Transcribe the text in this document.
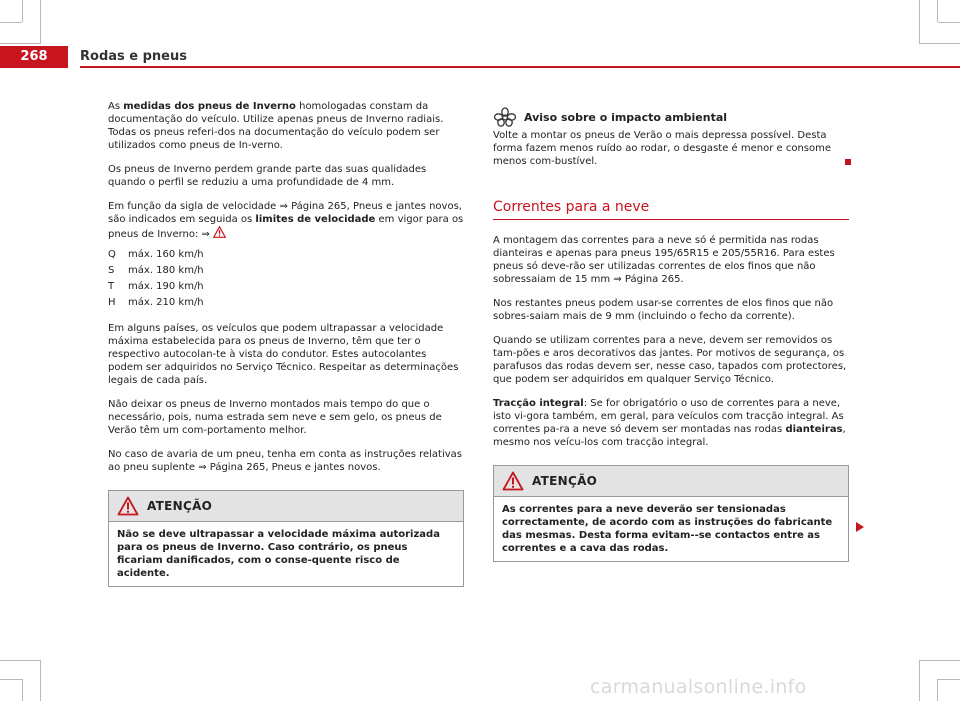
268	Rodas e pneus

As medidas dos pneus de Inverno homologadas constam da documentação do veículo. Utilize apenas pneus de Inverno radiais. Todas os pneus referi-dos na documentação do veículo podem ser utilizados como pneus de In-verno.

Os pneus de Inverno perdem grande parte das suas qualidades quando o perfil se reduziu a uma profundidade de 4 mm.

Em função da sigla de velocidade ⇒ Página 265, Pneus e jantes novos, são indicados em seguida os limites de velocidade em vigor para os pneus de Inverno: ⇒

Q	máx. 160 km/h
S	máx. 180 km/h
T	máx. 190 km/h
H	máx. 210 km/h

Em alguns países, os veículos que podem ultrapassar a velocidade máxima estabelecida para os pneus de Inverno, têm que ter o respectivo autocolan-te à vista do condutor. Estes autocolantes podem ser adquiridos no Serviço Técnico. Respeitar as determinações legais de cada país.

Não deixar os pneus de Inverno montados mais tempo do que o necessário, pois, numa estrada sem neve e sem gelo, os pneus de Verão têm um com-portamento melhor.

No caso de avaria de um pneu, tenha em conta as instruções relativas ao pneu suplente ⇒ Página 265, Pneus e jantes novos.

ATENÇÃO
Não se deve ultrapassar a velocidade máxima autorizada para os pneus de Inverno. Caso contrário, os pneus ficariam danificados, com o conse-quente risco de acidente.
Aviso sobre o impacto ambiental

Volte a montar os pneus de Verão o mais depressa possível. Desta forma fazem menos ruído ao rodar, o desgaste é menor e consome menos com-bustível.

Correntes para a neve

A montagem das correntes para a neve só é permitida nas rodas dianteiras e apenas para pneus 195/65R15 e 205/55R16. Para estes pneus só deve-rão ser utilizadas correntes de elos finos que não sobressaiam de 15 mm ⇒ Página 265.

Nos restantes pneus podem usar-se correntes de elos finos que não sobres-saiam mais de 9 mm (incluindo o fecho da corrente).

Quando se utilizam correntes para a neve, devem ser removidos os tam-pões e aros decorativos das jantes. Por motivos de segurança, os parafusos das rodas devem ser, nesse caso, tapados com protectores, que podem ser adquiridos em qualquer Serviço Técnico.

Tracção integral: Se for obrigatório o uso de correntes para a neve, isto vi-gora também, em geral, para veículos com tracção integral. As correntes pa-ra a neve só devem ser montadas nas rodas dianteiras, mesmo nos veícu-los com tracção integral.

ATENÇÃO
As correntes para a neve deverão ser tensionadas correctamente, de acordo com as instruções do fabricante das mesmas. Desta forma evitam--se contactos entre as correntes e a cava das rodas.
carmanualsonline.info
